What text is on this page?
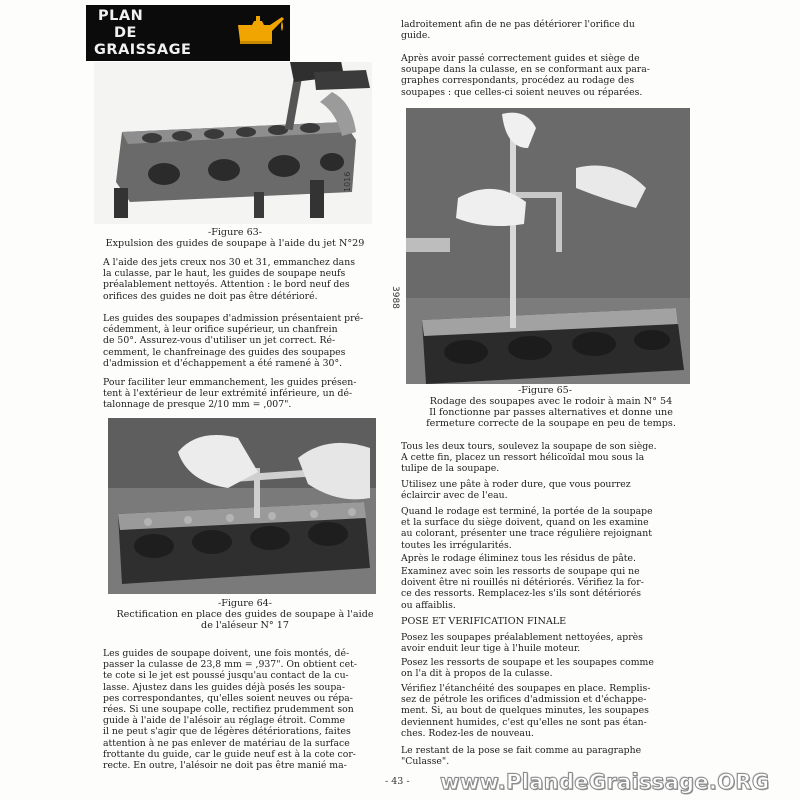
PLAN
DE
GRAISSAGE
1016
-Figure 63-
Expulsion des guides de soupape à l'aide du jet N°29
A l'aide des jets creux nos 30 et 31, emmanchez dans
la culasse, par le haut, les guides de soupape neufs
préalablement nettoyés. Attention : le bord neuf des
orifices des guides ne doit pas être détérioré.
Les guides des soupapes d'admission présentaient pré-
cédemment, à leur orifice supérieur, un chanfrein
de 50°. Assurez-vous d'utiliser un jet correct. Ré-
cemment, le chanfreinage des guides des soupapes
d'admission et d'échappement a été ramené à 30°.
Pour faciliter leur emmanchement, les guides présen-
tent à l'extérieur de leur extrémité inférieure, un dé-
talonnage de presque 2/10 mm = ,007".
-Figure 64-
Rectification en place des guides de soupape à l'aide
de l'aléseur N° 17
Les guides de soupape doivent, une fois montés, dé-
passer la culasse de 23,8 mm = ,937". On obtient cet-
te cote si le jet est poussé jusqu'au contact de la cu-
lasse. Ajustez dans les guides déjà posés les soupa-
pes correspondantes, qu'elles soient neuves ou répa-
rées. Si une soupape colle, rectifiez prudemment son
guide à l'aide de l'alésoir au réglage étroit. Comme
il ne peut s'agir que de légères détériorations, faites
attention à ne pas enlever de matériau de la surface
frottante du guide, car le guide neuf est à la cote cor-
recte. En outre, l'alésoir ne doit pas être manié ma-
ladroitement afin de ne pas détériorer l'orifice du
guide.
Après avoir passé correctement guides et siège de
soupape dans la culasse, en se conformant aux para-
graphes correspondants, procédez au rodage des
soupapes : que celles-ci soient neuves ou réparées.
3988
-Figure 65-
Rodage des soupapes avec le rodoir à main N° 54
Il fonctionne par passes alternatives et donne une
fermeture correcte de la soupape en peu de temps.
Tous les deux tours, soulevez la soupape de son siège.
A cette fin, placez un ressort hélicoïdal mou sous la
tulipe de la soupape.
Utilisez une pâte à roder dure, que vous pourrez
éclaircir avec de l'eau.
Quand le rodage est terminé, la portée de la soupape
et la surface du siège doivent, quand on les examine
au colorant, présenter une trace régulière rejoignant
toutes les irrégularités.
Après le rodage éliminez tous les résidus de pâte.
Examinez avec soin les ressorts de soupape qui ne
doivent être ni rouillés ni détériorés. Vérifiez la for-
ce des ressorts. Remplacez-les s'ils sont détériorés
ou affaiblis.
POSE ET VERIFICATION FINALE
Posez les soupapes préalablement nettoyées, après
avoir enduit leur tige à l'huile moteur.
Posez les ressorts de soupape et les soupapes comme
on l'a dit à propos de la culasse.
Vérifiez l'étanchéité des soupapes en place. Remplis-
sez de pétrole les orifices d'admission et d'échappe-
ment. Si, au bout de quelques minutes, les soupapes
deviennent humides, c'est qu'elles ne sont pas étan-
ches. Rodez-les de nouveau.
Le restant de la pose se fait comme au paragraphe
"Culasse".
- 43 - www.PlandeGraissage.ORG
